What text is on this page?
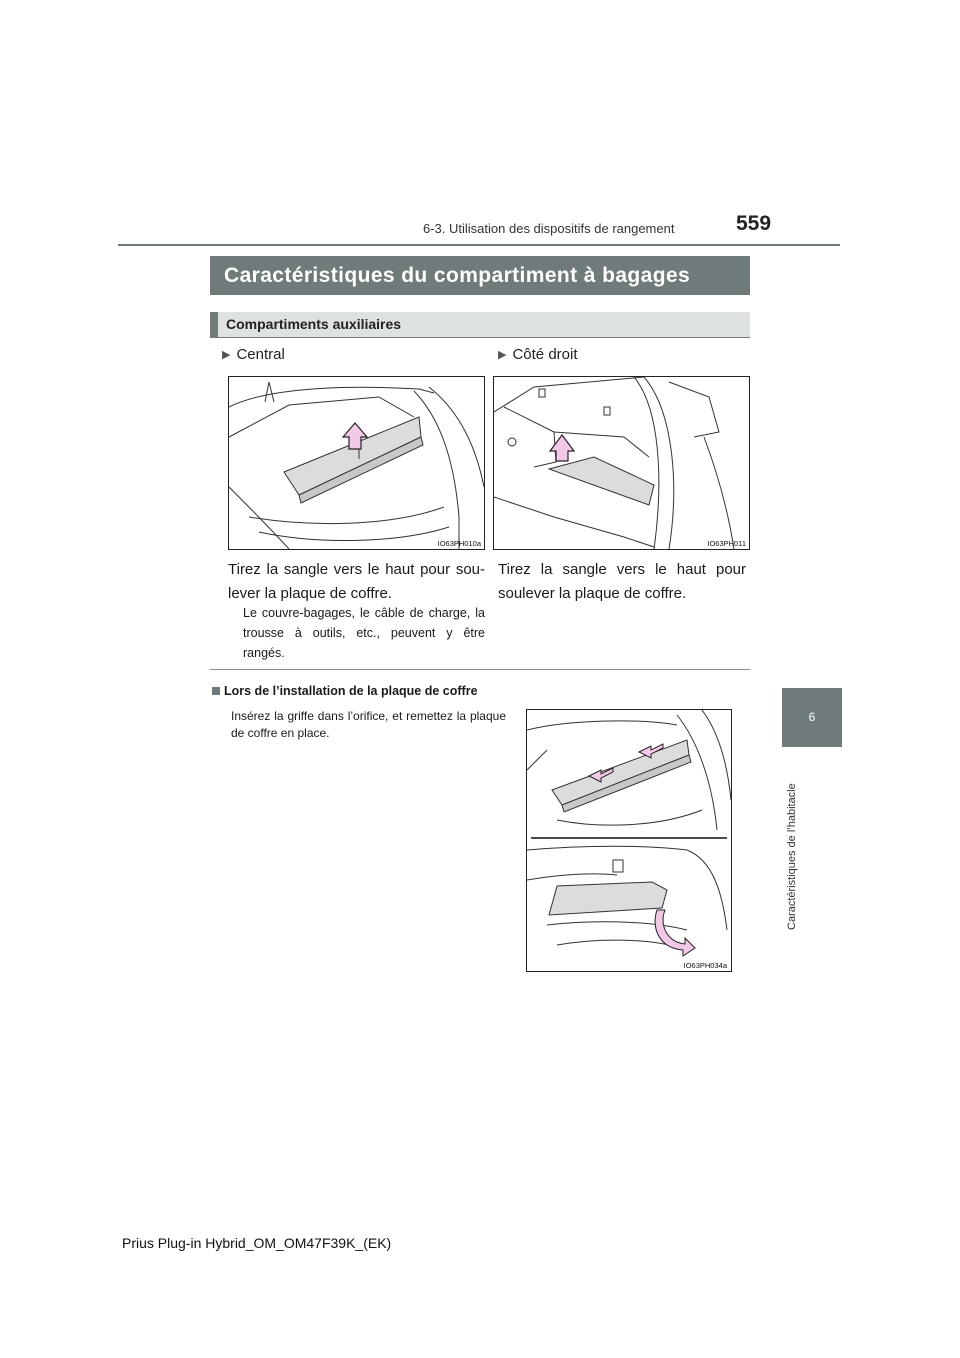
6-3. Utilisation des dispositifs de rangement	559
Caractéristiques du compartiment à bagages
Compartiments auxiliaires
▶ Central
IO63PH010a
Tirez la sangle vers le haut pour sou-lever la plaque de coffre.
Le couvre-bagages, le câble de charge, la trousse à outils, etc., peuvent y être rangés.
▶ Côté droit
IO63PH011
Tirez la sangle vers le haut pour soulever la plaque de coffre.
Lors de l’installation de la plaque de coffre
Insérez la griffe dans l’orifice, et remettez la plaque de coffre en place.
IO63PH034a
6
Caractéristiques de l’habitacle
Prius Plug-in Hybrid_OM_OM47F39K_(EK)
